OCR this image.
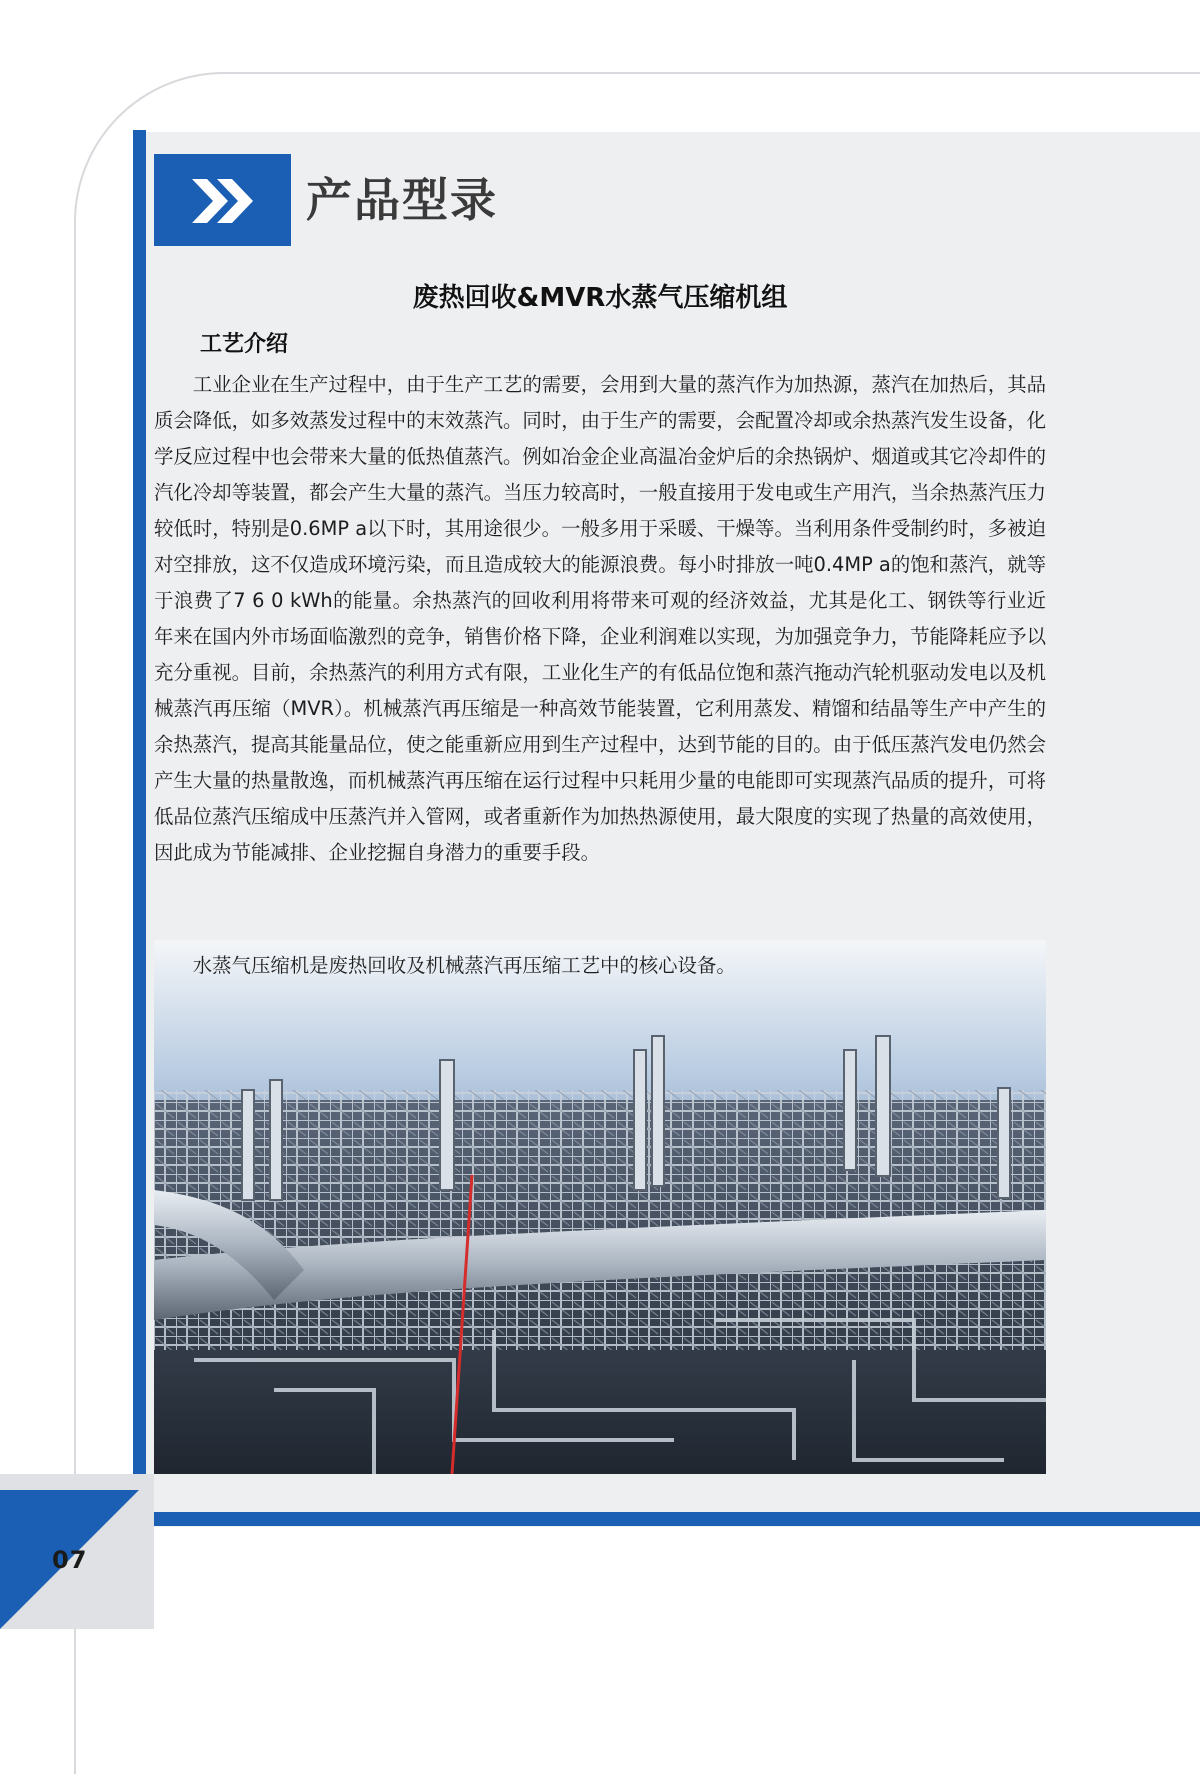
产品型录
废热回收&MVR水蒸气压缩机组
工艺介绍

工业企业在生产过程中，由于生产工艺的需要，会用到大量的蒸汽作为加热源，蒸汽在加热后，其品质会降低，如多效蒸发过程中的末效蒸汽。同时，由于生产的需要，会配置冷却或余热蒸汽发生设备，化学反应过程中也会带来大量的低热值蒸汽。例如冶金企业高温冶金炉后的余热锅炉、烟道或其它冷却件的汽化冷却等装置，都会产生大量的蒸汽。当压力较高时，一般直接用于发电或生产用汽，当余热蒸汽压力较低时，特别是0.6MP a以下时，其用途很少。一般多用于采暖、干燥等。当利用条件受制约时，多被迫对空排放，这不仅造成环境污染，而且造成较大的能源浪费。每小时排放一吨0.4MP a的饱和蒸汽，就等于浪费了7 6 0 kWh的能量。余热蒸汽的回收利用将带来可观的经济效益，尤其是化工、钢铁等行业近年来在国内外市场面临激烈的竞争，销售价格下降，企业利润难以实现，为加强竞争力，节能降耗应予以充分重视。目前，余热蒸汽的利用方式有限，工业化生产的有低品位饱和蒸汽拖动汽轮机驱动发电以及机械蒸汽再压缩（MVR）。机械蒸汽再压缩是一种高效节能装置，它利用蒸发、精馏和结晶等生产中产生的余热蒸汽，提高其能量品位，使之能重新应用到生产过程中，达到节能的目的。由于低压蒸汽发电仍然会产生大量的热量散逸，而机械蒸汽再压缩在运行过程中只耗用少量的电能即可实现蒸汽品质的提升，可将低品位蒸汽压缩成中压蒸汽并入管网，或者重新作为加热热源使用，最大限度的实现了热量的高效使用，因此成为节能减排、企业挖掘自身潜力的重要手段。

水蒸气压缩机是废热回收及机械蒸汽再压缩工艺中的核心设备。

07
